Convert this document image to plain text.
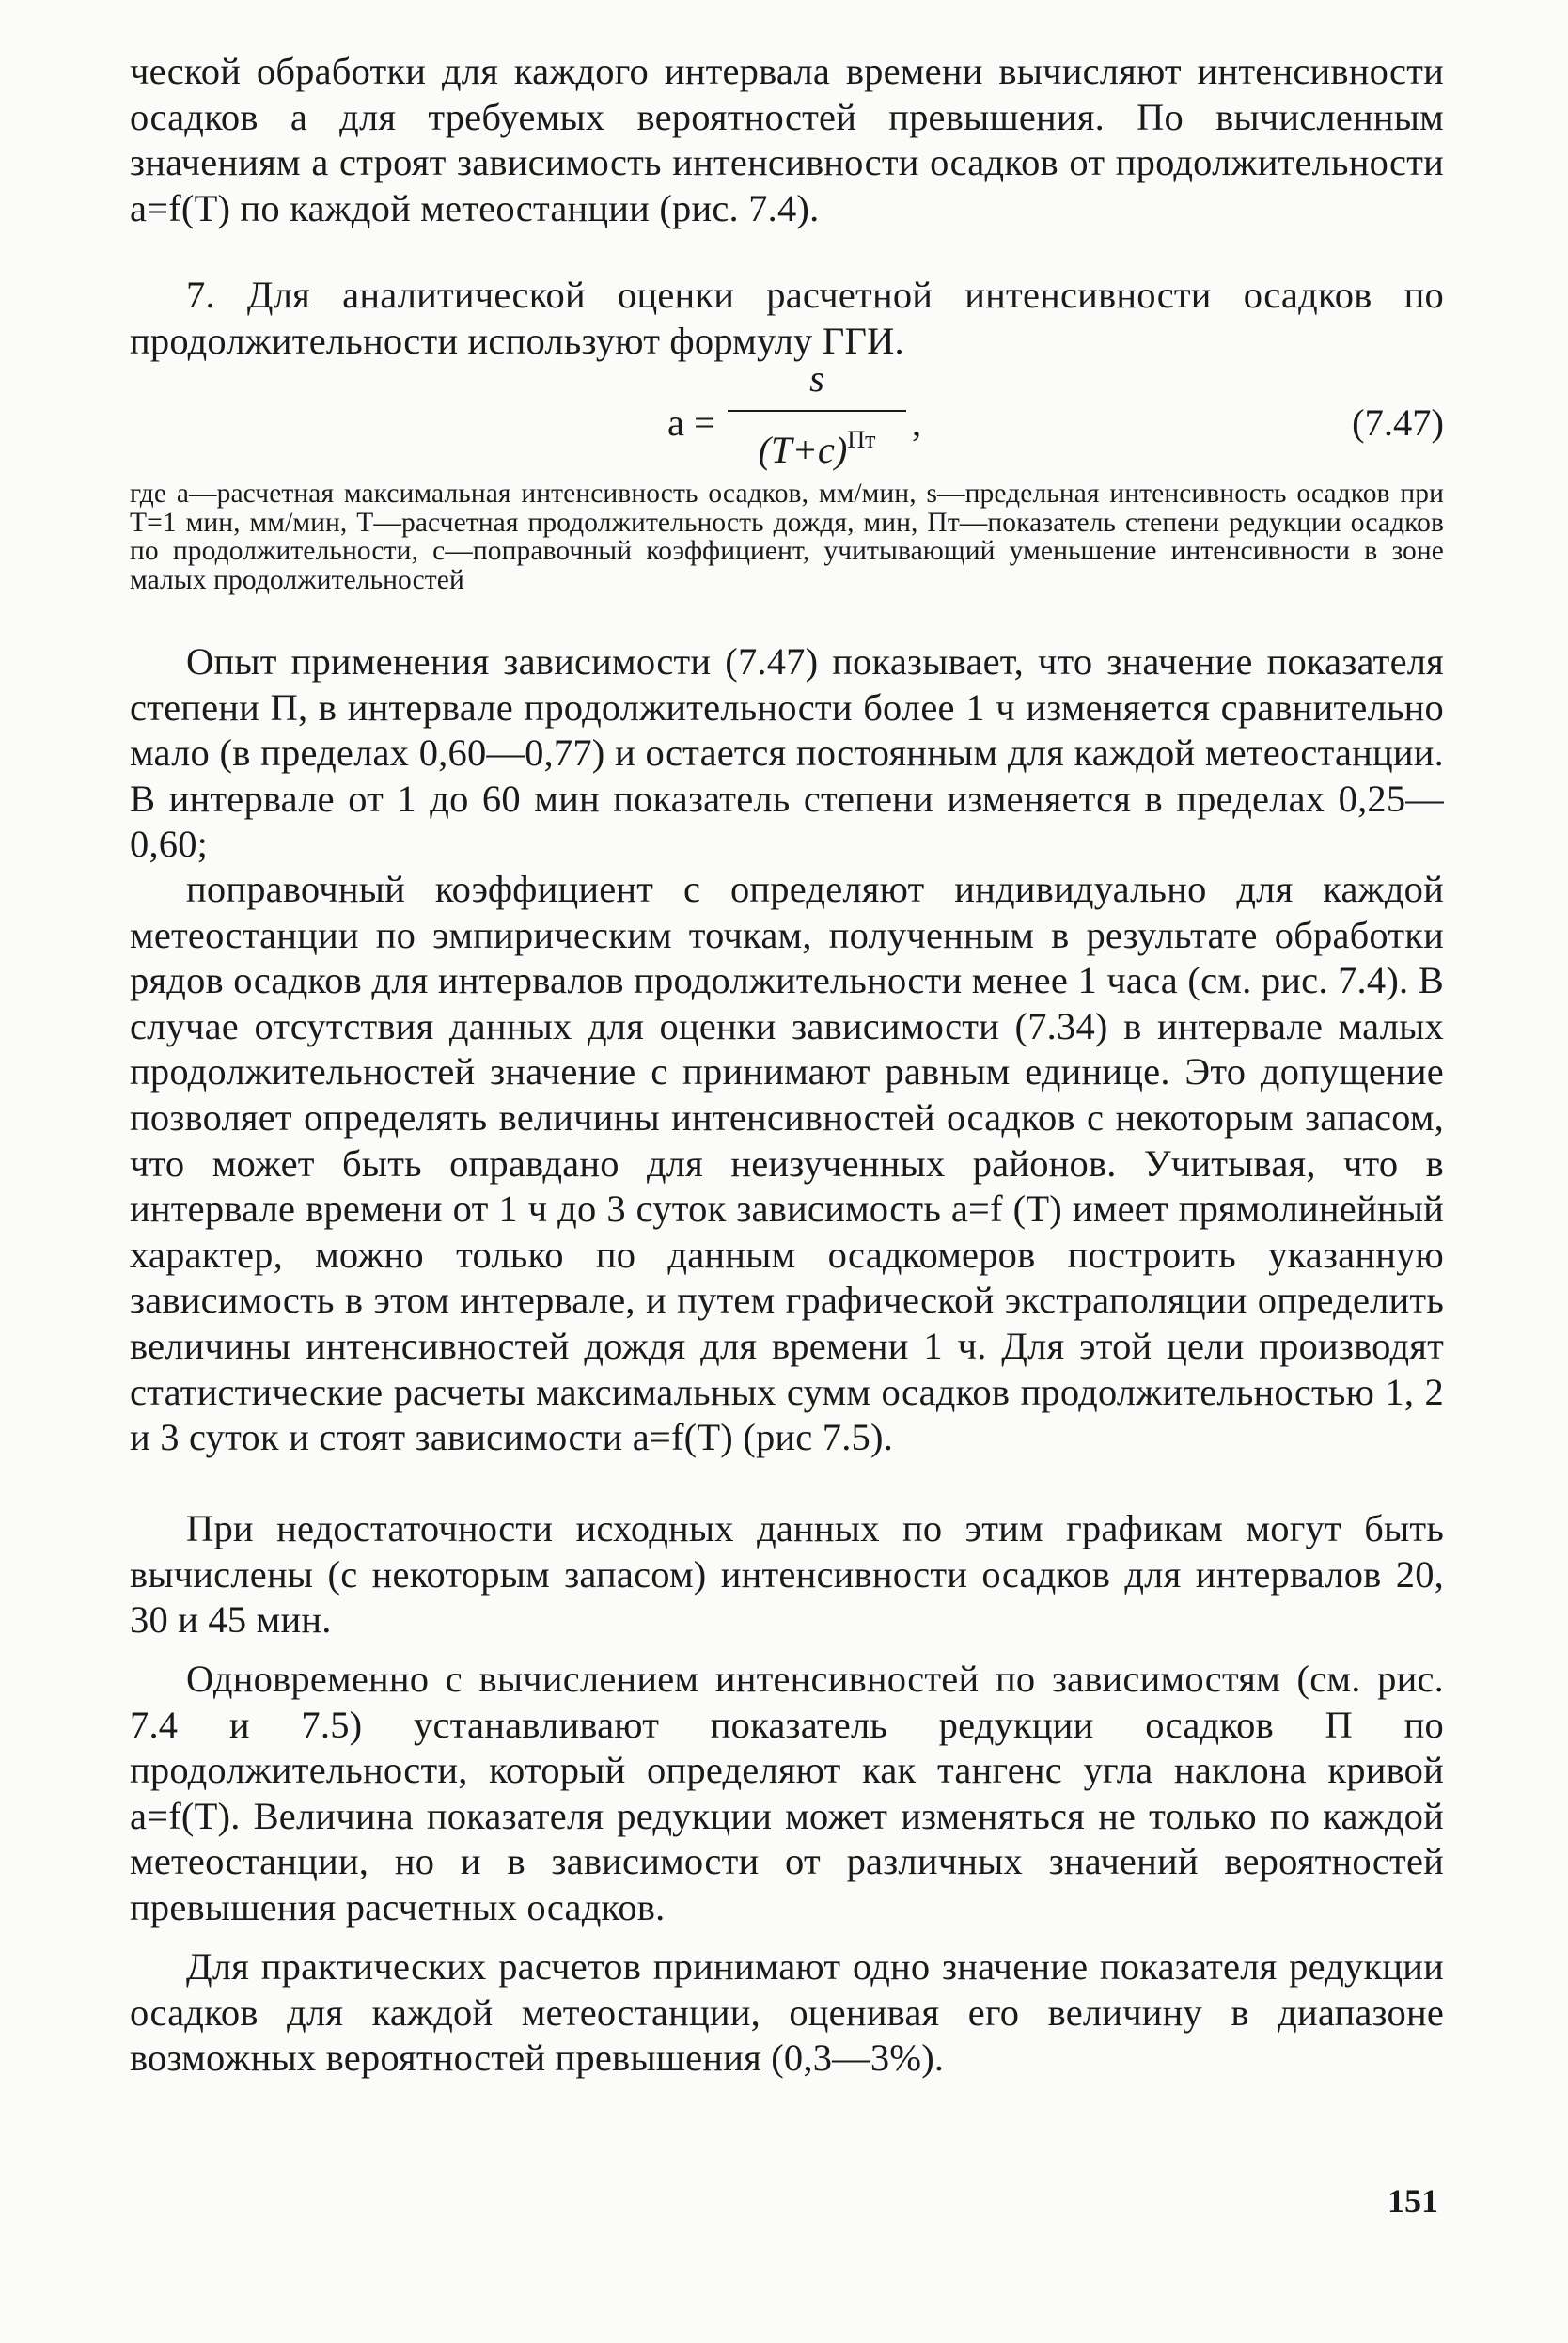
ческой обработки для каждого интервала времени вычисляют интенсивности осадков a для требуемых вероятностей превышения. По вычисленным значениям a строят зависимость интенсивности осадков от продолжительности a=f(T) по каждой метеостанции (рис. 7.4).

7. Для аналитической оценки расчетной интенсивности осадков по продолжительности используют формулу ГГИ.

a =
s
$(T+c)^{Пт}$ ,	(7.47)

где a—расчетная максимальная интенсивность осадков, мм/мин, s—предельная интенсивность осадков при T=1 мин, мм/мин, T—расчетная продолжительность дождя, мин, Пт—показатель степени редукции осадков по продолжительности, c—поправочный коэффициент, учитывающий уменьшение интенсивности в зоне малых продолжительностей

Опыт применения зависимости (7.47) показывает, что значение показателя степени П, в интервале продолжительности более 1 ч изменяется сравнительно мало (в пределах 0,60—0,77) и остается постоянным для каждой метеостанции. В интервале от 1 до 60 мин показатель степени изменяется в пределах 0,25—0,60;

поправочный коэффициент c определяют индивидуально для каждой метеостанции по эмпирическим точкам, полученным в результате обработки рядов осадков для интервалов продолжительности менее 1 часа (см. рис. 7.4). В случае отсутствия данных для оценки зависимости (7.34) в интервале малых продолжительностей значение c принимают равным единице. Это допущение позволяет определять величины интенсивностей осадков с некоторым запасом, что может быть оправдано для неизученных районов. Учитывая, что в интервале времени от 1 ч до 3 суток зависимость a=f (T) имеет прямолинейный характер, можно только по данным осадкомеров построить указанную зависимость в этом интервале, и путем графической экстраполяции определить величины интенсивностей дождя для времени 1 ч. Для этой цели производят статистические расчеты максимальных сумм осадков продолжительностью 1, 2 и 3 суток и стоят зависимости a=f(T) (рис 7.5).

При недостаточности исходных данных по этим графикам могут быть вычислены (с некоторым запасом) интенсивности осадков для интервалов 20, 30 и 45 мин.

Одновременно с вычислением интенсивностей по зависимостям (см. рис. 7.4 и 7.5) устанавливают показатель редукции осадков П по продолжительности, который определяют как тангенс угла наклона кривой a=f(T). Величина показателя редукции может изменяться не только по каждой метеостанции, но и в зависимости от различных значений вероятностей превышения расчетных осадков.

Для практических расчетов принимают одно значение показателя редукции осадков для каждой метеостанции, оценивая его величину в диапазоне возможных вероятностей превышения (0,3—3%).

151
